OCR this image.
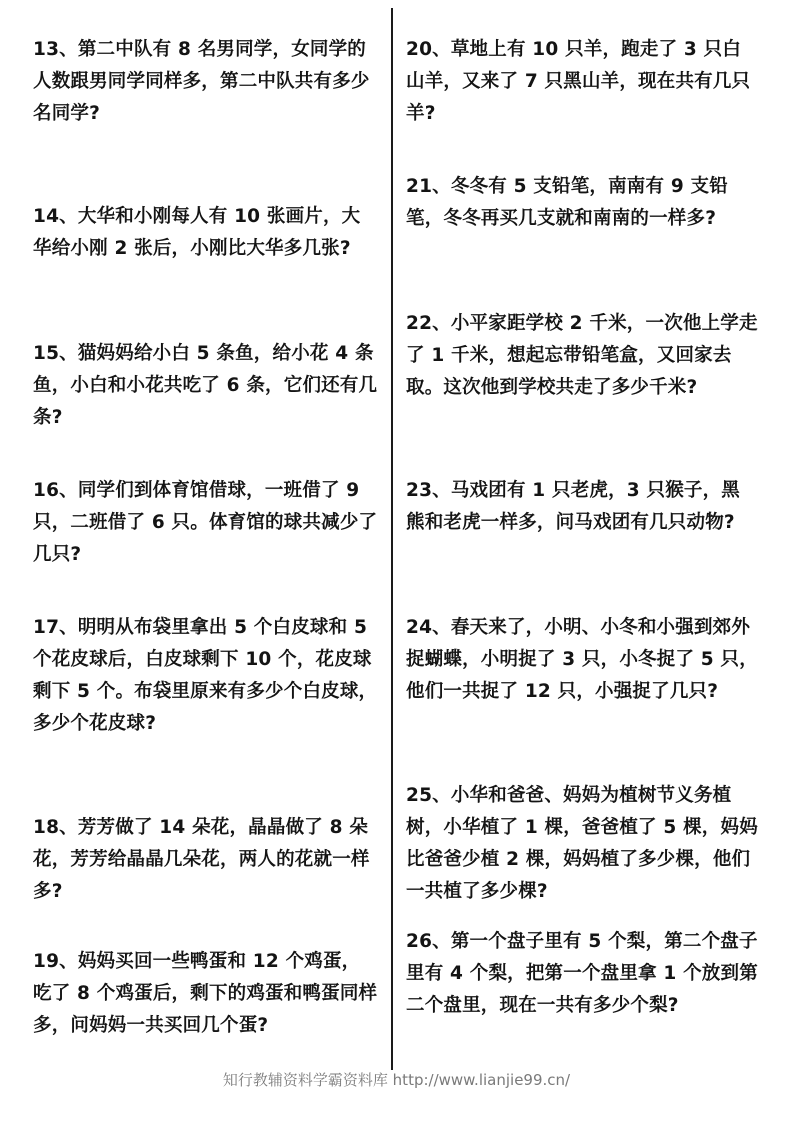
13、第二中队有 8 名男同学，女同学的人数跟男同学同样多，第二中队共有多少名同学?
14、大华和小刚每人有 10 张画片，大华给小刚 2 张后，小刚比大华多几张?
15、猫妈妈给小白 5 条鱼，给小花 4 条鱼，小白和小花共吃了 6 条，它们还有几条?
16、同学们到体育馆借球，一班借了 9 只，二班借了 6 只。体育馆的球共减少了几只?
17、明明从布袋里拿出 5 个白皮球和 5 个花皮球后，白皮球剩下 10 个，花皮球剩下 5 个。布袋里原来有多少个白皮球，多少个花皮球?
18、芳芳做了 14 朵花，晶晶做了 8 朵花，芳芳给晶晶几朵花，两人的花就一样多?
19、妈妈买回一些鸭蛋和 12 个鸡蛋，吃了 8 个鸡蛋后，剩下的鸡蛋和鸭蛋同样多，问妈妈一共买回几个蛋?
20、草地上有 10 只羊，跑走了 3 只白山羊，又来了 7 只黑山羊，现在共有几只羊?
21、冬冬有 5 支铅笔，南南有 9 支铅笔，冬冬再买几支就和南南的一样多?
22、小平家距学校 2 千米，一次他上学走了 1 千米，想起忘带铅笔盒，又回家去取。这次他到学校共走了多少千米?
23、马戏团有 1 只老虎，3 只猴子，黑熊和老虎一样多，问马戏团有几只动物?
24、春天来了，小明、小冬和小强到郊外捉蝴蝶，小明捉了 3 只，小冬捉了 5 只，他们一共捉了 12 只，小强捉了几只?
25、小华和爸爸、妈妈为植树节义务植树，小华植了 1 棵，爸爸植了 5 棵，妈妈比爸爸少植 2 棵，妈妈植了多少棵，他们一共植了多少棵?
26、第一个盘子里有 5 个梨，第二个盘子里有 4 个梨，把第一个盘里拿 1 个放到第二个盘里，现在一共有多少个梨?
知行教辅资料学霸资料库 http://www.lianjie99.cn/
